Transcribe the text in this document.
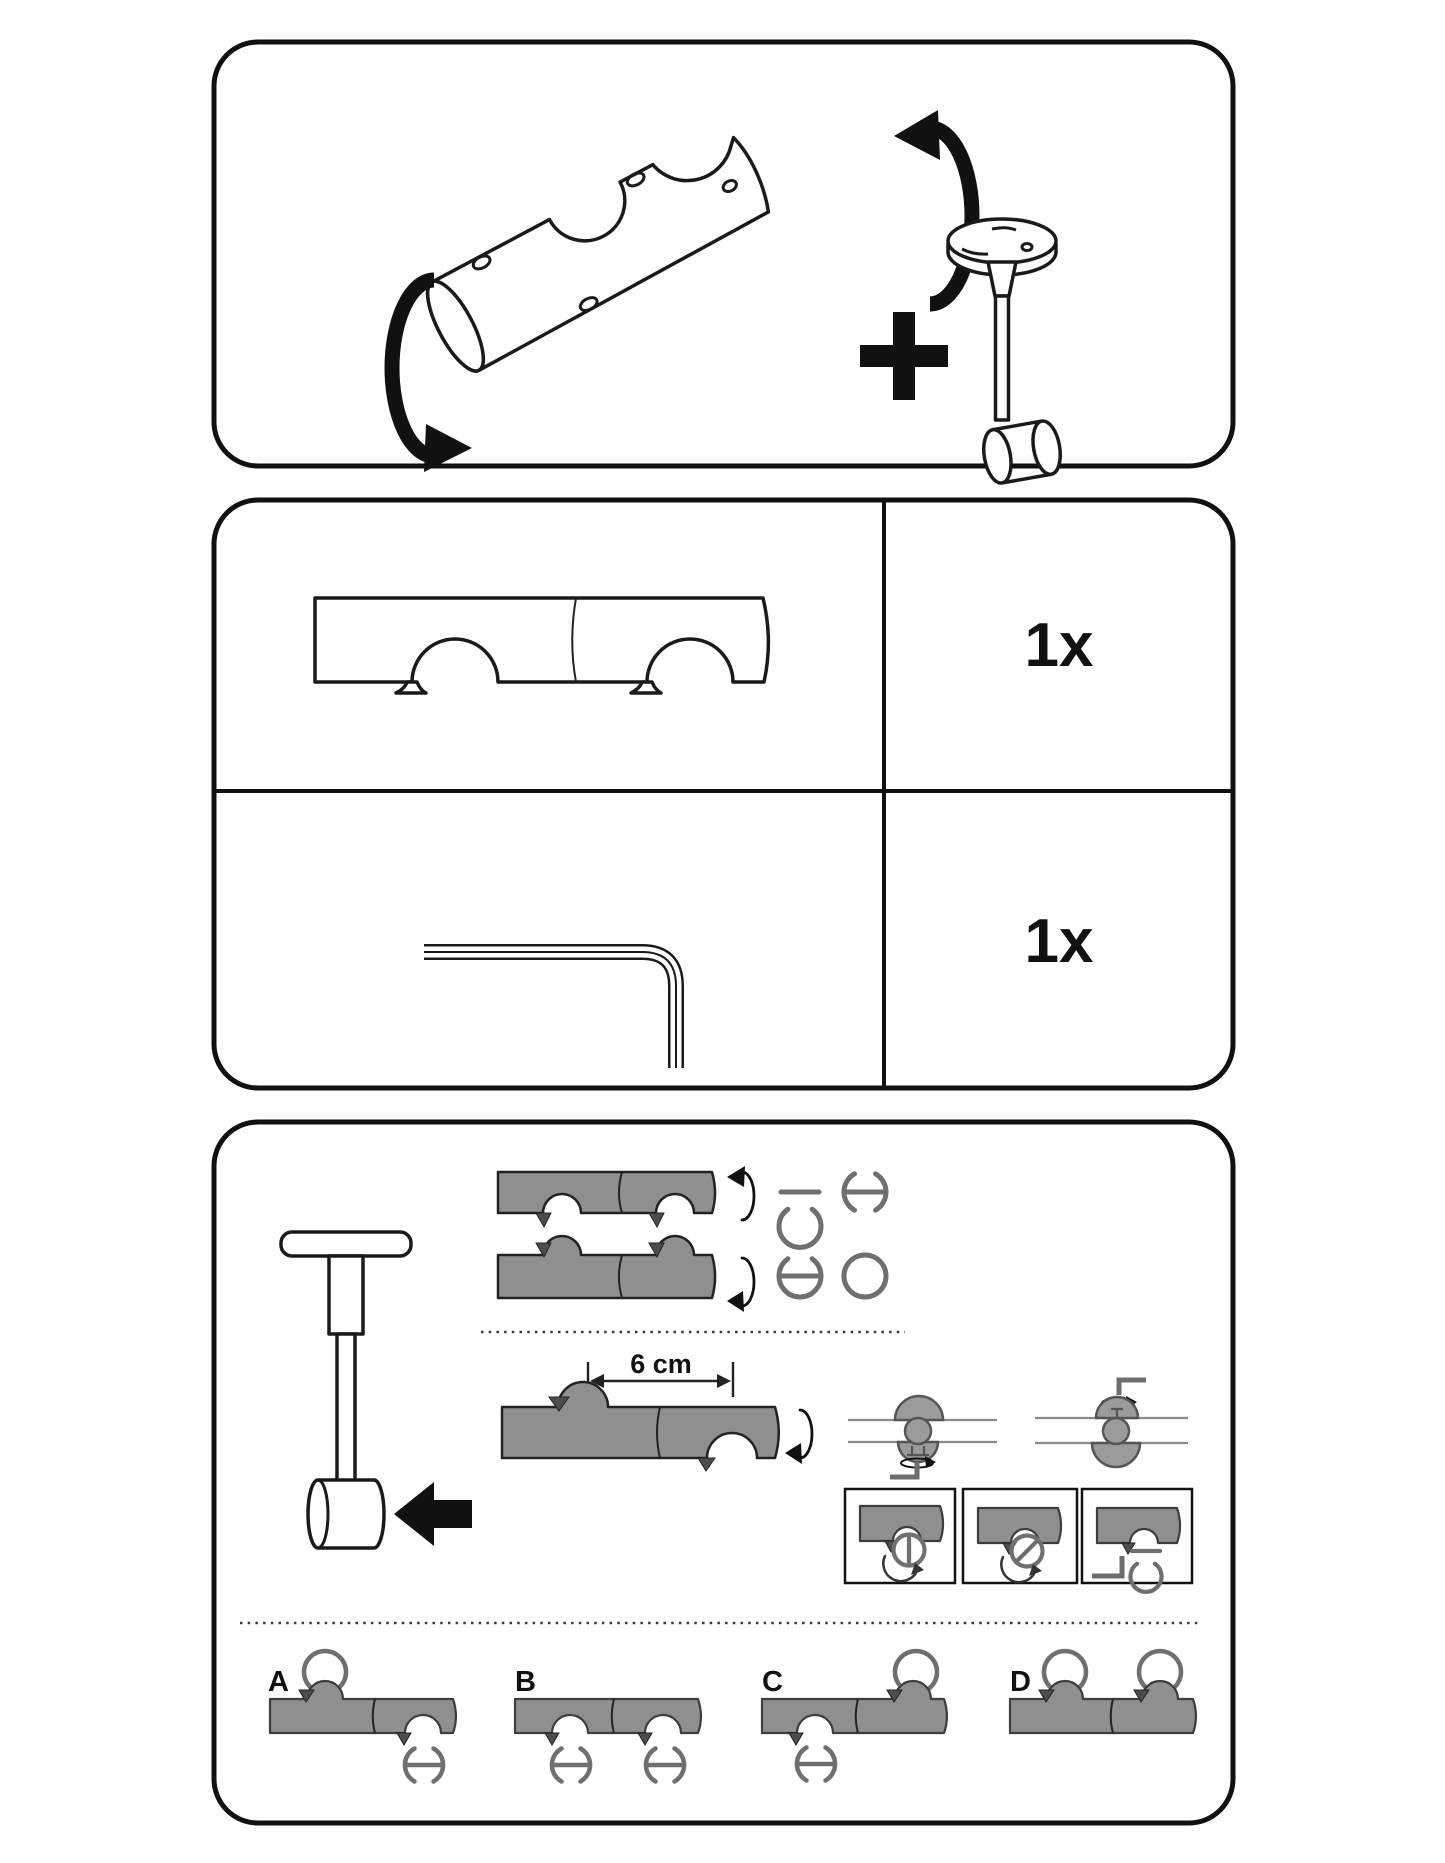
1x
1x
6 cm
A	B	C	D
